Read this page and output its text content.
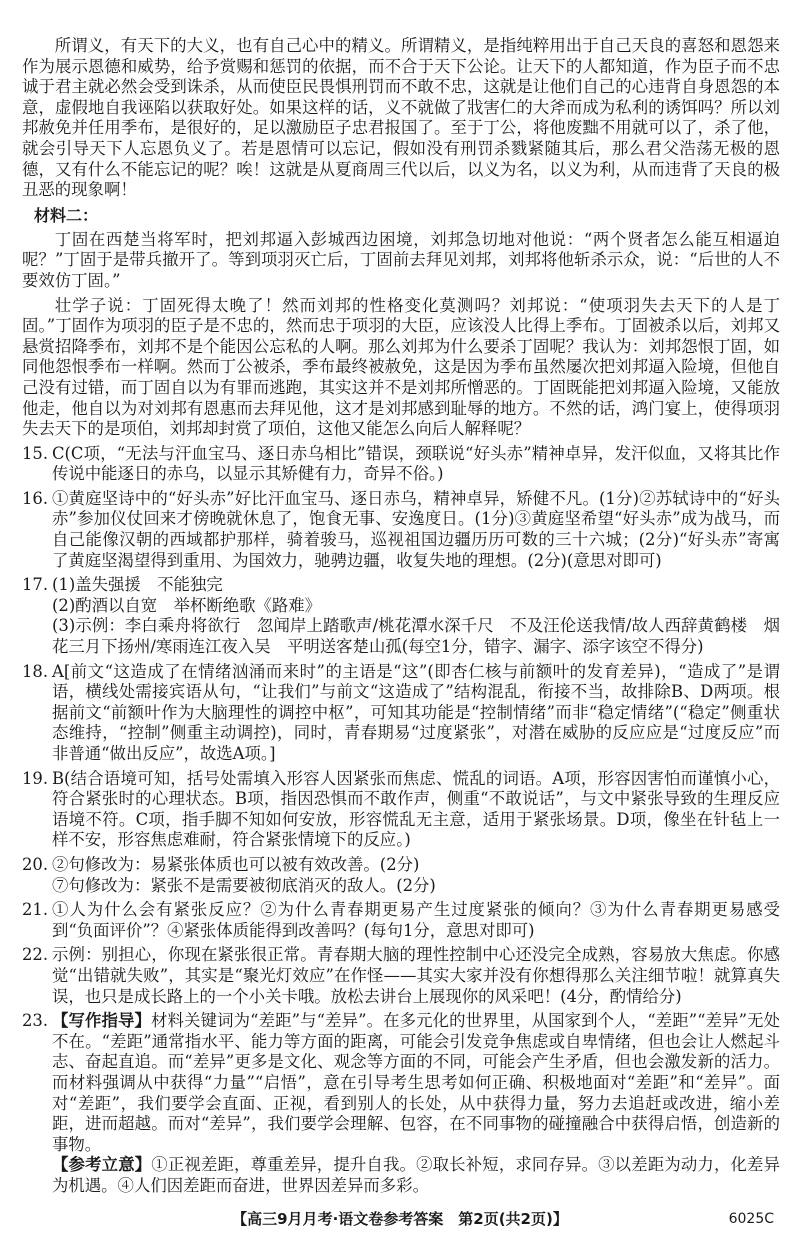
所谓义，有天下的大义，也有自己心中的精义。所谓精义，是指纯粹用出于自己天良的喜怒和恩怨来作为展示恩德和威势，给予赏赐和惩罚的依据，而不合于天下公论。让天下的人都知道，作为臣子而不忠诚于君主就必然会受到诛杀，从而使臣民畏惧刑罚而不敢不忠，这就是让他们自己的心违背自身恩怨的本意，虚假地自我诬陷以获取好处。如果这样的话，义不就做了戕害仁的大斧而成为私利的诱饵吗？所以刘邦赦免并任用季布，是很好的，足以激励臣子忠君报国了。至于丁公，将他废黜不用就可以了，杀了他，就会引导天下人忘恩负义了。若是恩情可以忘记，假如没有刑罚杀戮紧随其后，那么君父浩荡无极的恩德，又有什么不能忘记的呢？唉！这就是从夏商周三代以后，以义为名，以义为利，从而违背了天良的极丑恶的现象啊！

材料二：

丁固在西楚当将军时，把刘邦逼入彭城西边困境，刘邦急切地对他说：“两个贤者怎么能互相逼迫呢？”丁固于是带兵撤开了。等到项羽灭亡后，丁固前去拜见刘邦，刘邦将他斩杀示众，说：“后世的人不要效仿丁固。”

壮学子说：丁固死得太晚了！然而刘邦的性格变化莫测吗？刘邦说：“使项羽失去天下的人是丁固。”丁固作为项羽的臣子是不忠的，然而忠于项羽的大臣，应该没人比得上季布。丁固被杀以后，刘邦又悬赏招降季布，刘邦不是个能因公忘私的人啊。那么刘邦为什么要杀丁固呢？我认为：刘邦怨恨丁固，如同他怨恨季布一样啊。然而丁公被杀，季布最终被赦免，这是因为季布虽然屡次把刘邦逼入险境，但他自己没有过错，而丁固自以为有罪而逃跑，其实这并不是刘邦所憎恶的。丁固既能把刘邦逼入险境，又能放他走，他自以为对刘邦有恩惠而去拜见他，这才是刘邦感到耻辱的地方。不然的话，鸿门宴上，使得项羽失去天下的是项伯，刘邦却封赏了项伯，这他又能怎么向后人解释呢？

15. C(C项，“无法与汗血宝马、逐日赤乌相比”错误，颈联说“好头赤”精神卓异，发汗似血，又将其比作传说中能逐日的赤乌，以显示其矫健有力，奇异不俗。)

16. ①黄庭坚诗中的“好头赤”好比汗血宝马、逐日赤乌，精神卓异，矫健不凡。(1分)②苏轼诗中的“好头赤”参加仪仗回来才傍晚就休息了，饱食无事、安逸度日。(1分)③黄庭坚希望“好头赤”成为战马，而自己能像汉朝的西域都护那样，骑着骏马，巡视祖国边疆历历可数的三十六城；(2分)“好头赤”寄寓了黄庭坚渴望得到重用、为国效力，驰骋边疆，收复失地的理想。(2分)(意思对即可)

17. (1)盖失强援　不能独完

(2)酌酒以自宽　举杯断绝歌《路难》

(3)示例：李白乘舟将欲行　忽闻岸上踏歌声/桃花潭水深千尺　不及汪伦送我情/故人西辞黄鹤楼　烟花三月下扬州/寒雨连江夜入吴　平明送客楚山孤(每空1分，错字、漏字、添字该空不得分)

18. A[前文“这造成了在情绪汹涌而来时”的主语是“这”(即杏仁核与前额叶的发育差异)，“造成了”是谓语，横线处需接宾语从句，“让我们”与前文“这造成了”结构混乱，衔接不当，故排除B、D两项。根据前文“前额叶作为大脑理性的调控中枢”，可知其功能是“控制情绪”而非“稳定情绪”(“稳定”侧重状态维持，“控制”侧重主动调控)，同时，青春期易“过度紧张”，对潜在威胁的反应应是“过度反应”而非普通“做出反应”，故选A项。]

19. B(结合语境可知，括号处需填入形容人因紧张而焦虑、慌乱的词语。A项，形容因害怕而谨慎小心，符合紧张时的心理状态。B项，指因恐惧而不敢作声，侧重“不敢说话”，与文中紧张导致的生理反应语境不符。C项，指手脚不知如何安放，形容慌乱无主意，适用于紧张场景。D项，像坐在针毡上一样不安，形容焦虑难耐，符合紧张情境下的反应。)

20. ②句修改为：易紧张体质也可以被有效改善。(2分)

⑦句修改为：紧张不是需要被彻底消灭的敌人。(2分)

21. ①人为什么会有紧张反应？②为什么青春期更易产生过度紧张的倾向？③为什么青春期更易感受到“负面评价”？④紧张体质能得到改善吗？(每句1分，意思对即可)

22. 示例：别担心，你现在紧张很正常。青春期大脑的理性控制中心还没完全成熟，容易放大焦虑。你感觉“出错就失败”，其实是“聚光灯效应”在作怪——其实大家并没有你想得那么关注细节啦！就算真失误，也只是成长路上的一个小关卡哦。放松去讲台上展现你的风采吧！(4分，酌情给分)

23. 【写作指导】材料关键词为“差距”与“差异”。在多元化的世界里，从国家到个人，“差距”“差异”无处不在。“差距”通常指水平、能力等方面的距离，可能会引发竞争焦虑或自卑情绪，但也会让人燃起斗志、奋起直追。而“差异”更多是文化、观念等方面的不同，可能会产生矛盾，但也会激发新的活力。而材料强调从中获得“力量”“启悟”，意在引导考生思考如何正确、积极地面对“差距”和“差异”。面对“差距”，我们要学会直面、正视，看到别人的长处，从中获得力量，努力去追赶或改进，缩小差距，进而超越。而对“差异”，我们要学会理解、包容，在不同事物的碰撞融合中获得启悟，创造新的事物。

【参考立意】①正视差距，尊重差异，提升自我。②取长补短，求同存异。③以差距为动力，化差异为机遇。④人们因差距而奋进，世界因差异而多彩。

【高三9月月考·语文卷参考答案　第2页(共2页)】	6025C
